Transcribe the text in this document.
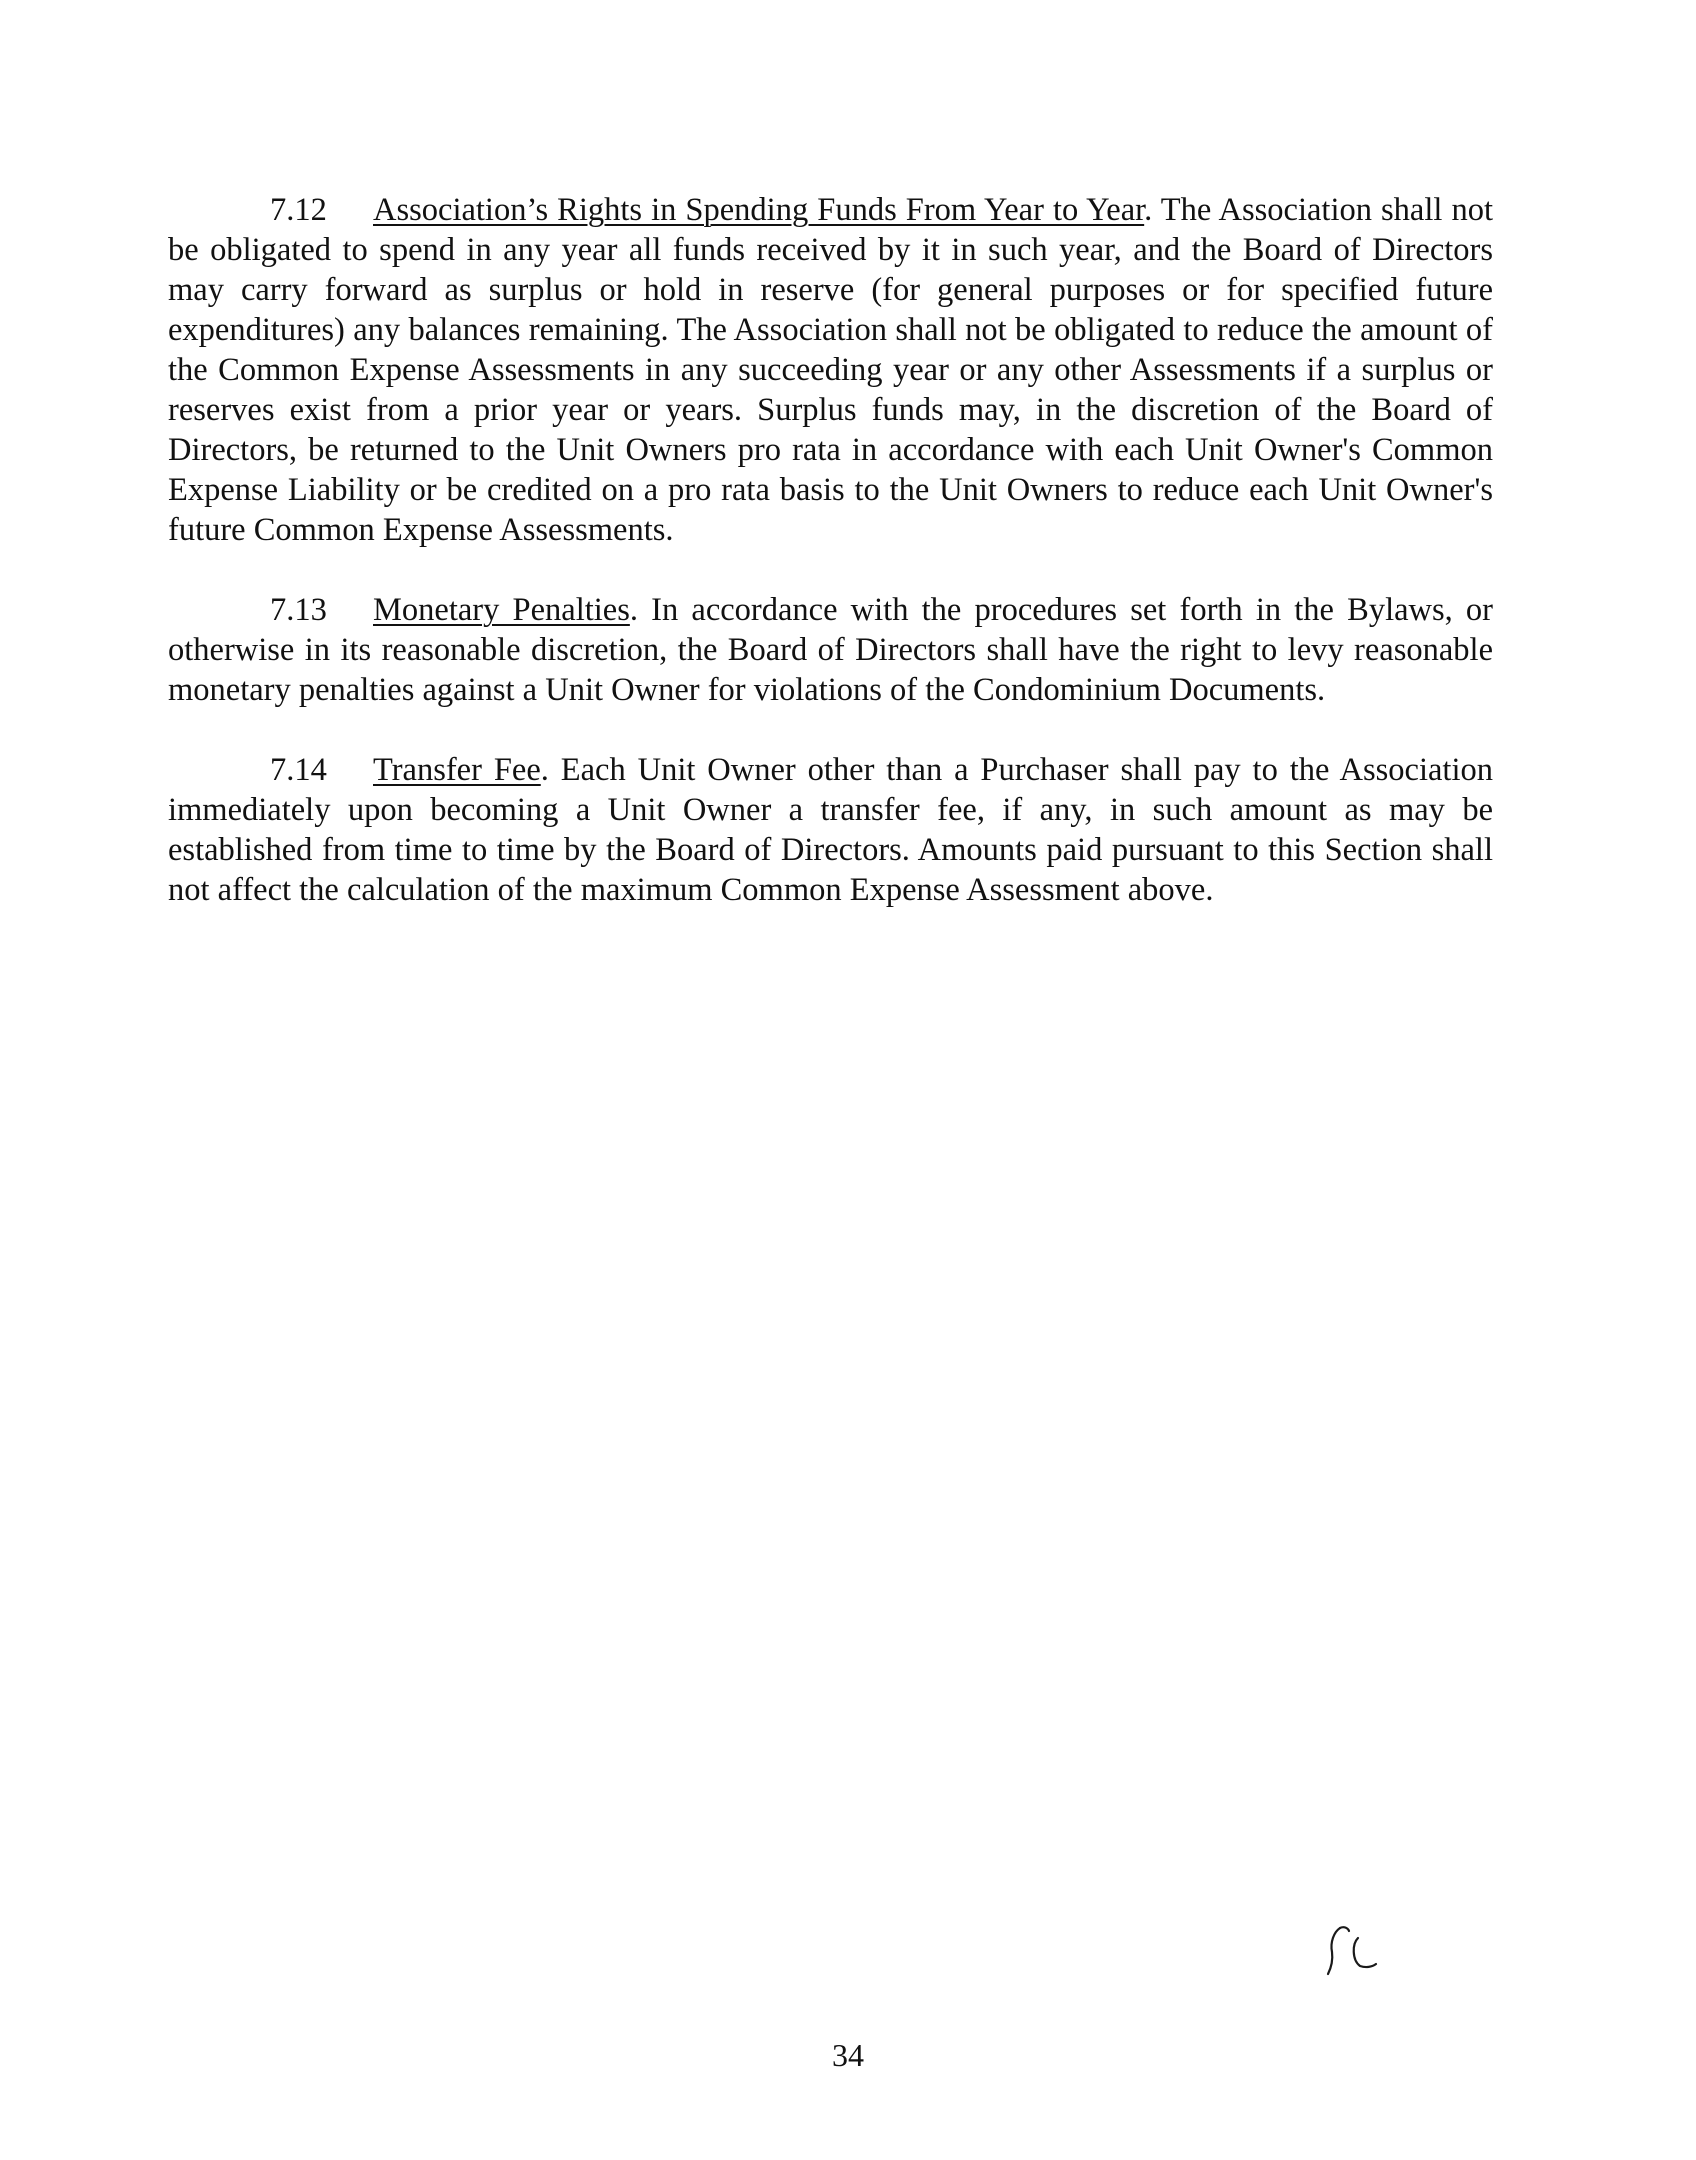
7.12 Association’s Rights in Spending Funds From Year to Year. The Association shall not be obligated to spend in any year all funds received by it in such year, and the Board of Directors may carry forward as surplus or hold in reserve (for general purposes or for specified future expenditures) any balances remaining. The Association shall not be obligated to reduce the amount of the Common Expense Assessments in any succeeding year or any other Assessments if a surplus or reserves exist from a prior year or years. Surplus funds may, in the discretion of the Board of Directors, be returned to the Unit Owners pro rata in accordance with each Unit Owner's Common Expense Liability or be credited on a pro rata basis to the Unit Owners to reduce each Unit Owner's future Common Expense Assessments.

7.13 Monetary Penalties. In accordance with the procedures set forth in the Bylaws, or otherwise in its reasonable discretion, the Board of Directors shall have the right to levy reasonable monetary penalties against a Unit Owner for violations of the Condominium Documents.

7.14 Transfer Fee. Each Unit Owner other than a Purchaser shall pay to the Association immediately upon becoming a Unit Owner a transfer fee, if any, in such amount as may be established from time to time by the Board of Directors. Amounts paid pursuant to this Section shall not affect the calculation of the maximum Common Expense Assessment above.

34
